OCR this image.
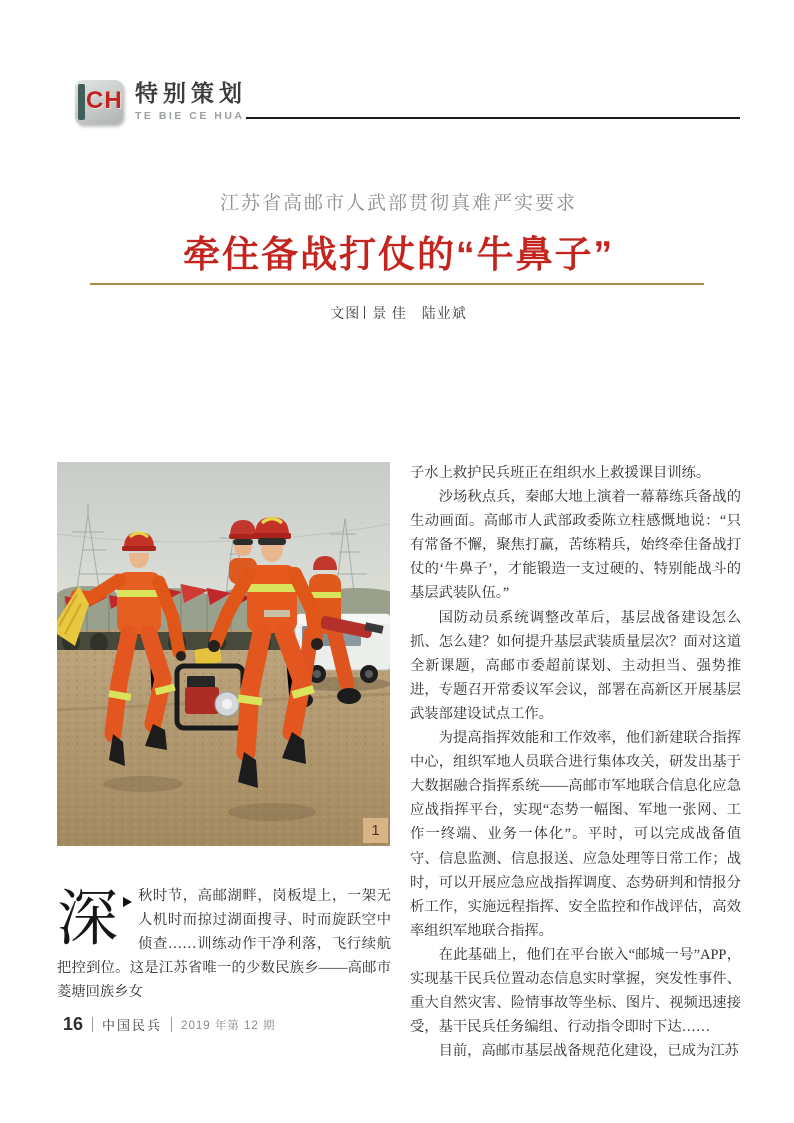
CH 特别策划
TE BIE CE HUA
江苏省高邮市人武部贯彻真难严实要求
牵住备战打仗的“牛鼻子”
文图 景 佳　陆业斌
1
深 秋时节，高邮湖畔，岗板堤上，一架无人机时而掠过湖面搜寻、时而旋跃空中侦查……训练动作干净利落，飞行续航把控到位。这是江苏省唯一的少数民族乡——高邮市菱塘回族乡女

子水上救护民兵班正在组织水上救援课目训练。

沙场秋点兵，秦邮大地上演着一幕幕练兵备战的生动画面。高邮市人武部政委陈立柱感慨地说：“只有常备不懈，聚焦打赢，苦练精兵，始终牵住备战打仗的‘牛鼻子’，才能锻造一支过硬的、特别能战斗的基层武装队伍。”

国防动员系统调整改革后，基层战备建设怎么抓、怎么建？如何提升基层武装质量层次？面对这道全新课题，高邮市委超前谋划、主动担当、强势推进，专题召开常委议军会议，部署在高新区开展基层武装部建设试点工作。

为提高指挥效能和工作效率，他们新建联合指挥中心，组织军地人员联合进行集体攻关，研发出基于大数据融合指挥系统——高邮市军地联合信息化应急应战指挥平台，实现“态势一幅图、军地一张网、工作一终端、业务一体化”。平时，可以完成战备值守、信息监测、信息报送、应急处理等日常工作；战时，可以开展应急应战指挥调度、态势研判和情报分析工作，实施远程指挥、安全监控和作战评估，高效率组织军地联合指挥。

在此基础上，他们在平台嵌入“邮城一号”APP，实现基干民兵位置动态信息实时掌握，突发性事件、重大自然灾害、险情事故等坐标、图片、视频迅速接受，基干民兵任务编组、行动指令即时下达……

目前，高邮市基层战备规范化建设，已成为江苏

16 中国民兵 2019 年第 12 期
